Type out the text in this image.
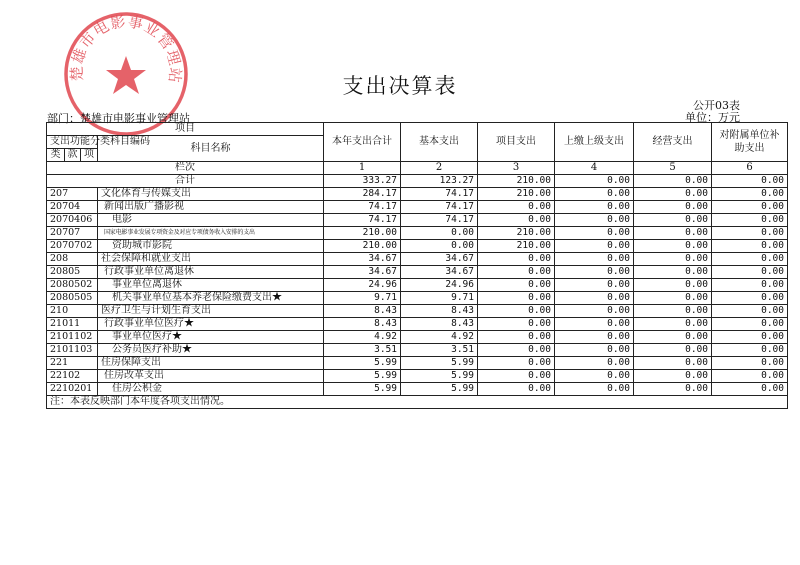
楚雄市电影事业管理站	支出决算表
公开03表
单位：万元
部门：楚雄市电影事业管理站
项目				本年支出合计	基本支出	项目支出	上缴上级支出	经营支出	对附属单位补助支出
支出功能分类科目编码			科目名称						
类	款	项							
栏次				1	2	3	4	5	6
合计				333.27	123.27	210.00	0.00	0.00	0.00
207			文化体育与传媒支出	284.17	74.17	210.00	0.00	0.00	0.00
20704			新闻出版广播影视	74.17	74.17	0.00	0.00	0.00	0.00
2070406			电影	74.17	74.17	0.00	0.00	0.00	0.00
20707			国家电影事业发展专项资金及对应专项债务收入安排的支出	210.00	0.00	210.00	0.00	0.00	0.00
2070702			资助城市影院	210.00	0.00	210.00	0.00	0.00	0.00
208			社会保障和就业支出	34.67	34.67	0.00	0.00	0.00	0.00
20805			行政事业单位离退休	34.67	34.67	0.00	0.00	0.00	0.00
2080502			事业单位离退休	24.96	24.96	0.00	0.00	0.00	0.00
2080505			机关事业单位基本养老保险缴费支出★	9.71	9.71	0.00	0.00	0.00	0.00
210			医疗卫生与计划生育支出	8.43	8.43	0.00	0.00	0.00	0.00
21011			行政事业单位医疗★	8.43	8.43	0.00	0.00	0.00	0.00
2101102			事业单位医疗★	4.92	4.92	0.00	0.00	0.00	0.00
2101103			公务员医疗补助★	3.51	3.51	0.00	0.00	0.00	0.00
221			住房保障支出	5.99	5.99	0.00	0.00	0.00	0.00
22102			住房改革支出	5.99	5.99	0.00	0.00	0.00	0.00
2210201			住房公积金	5.99	5.99	0.00	0.00	0.00	0.00
注：本表反映部门本年度各项支出情况。									
